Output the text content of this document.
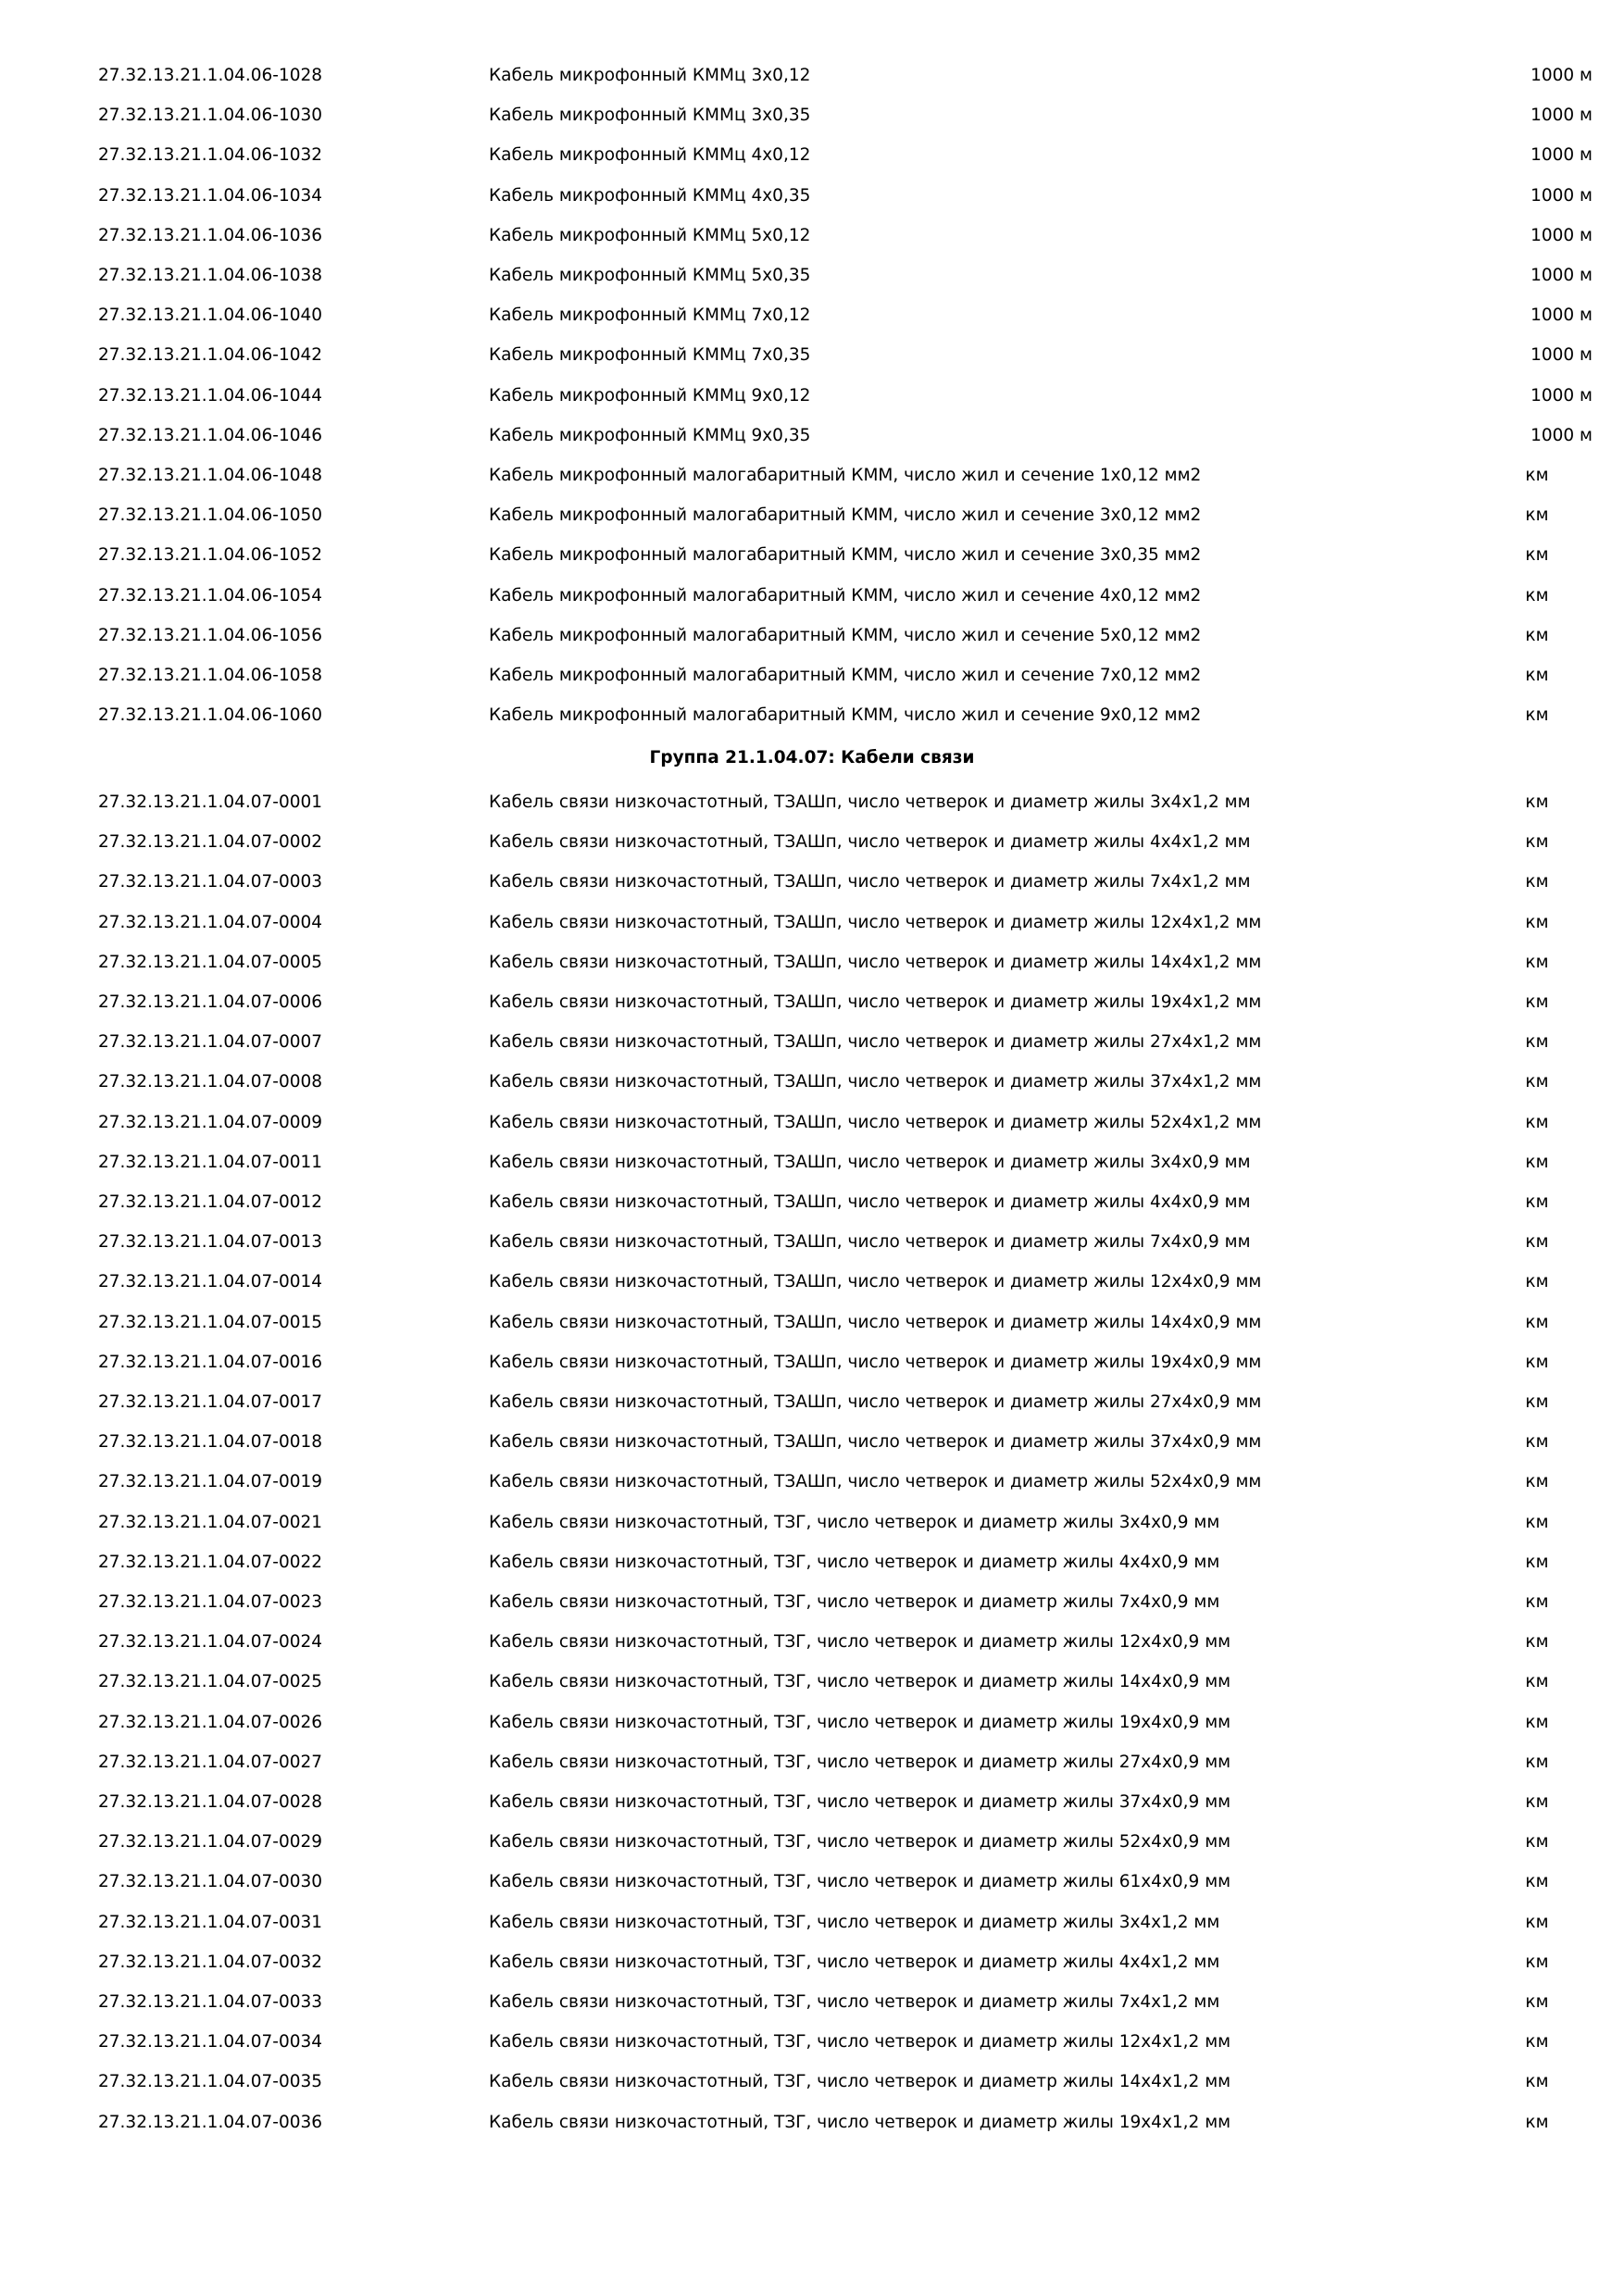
27.32.13.21.1.04.06-1028	Кабель микрофонный КММц 3х0,12	1000 м
27.32.13.21.1.04.06-1030	Кабель микрофонный КММц 3х0,35	1000 м
27.32.13.21.1.04.06-1032	Кабель микрофонный КММц 4х0,12	1000 м
27.32.13.21.1.04.06-1034	Кабель микрофонный КММц 4х0,35	1000 м
27.32.13.21.1.04.06-1036	Кабель микрофонный КММц 5х0,12	1000 м
27.32.13.21.1.04.06-1038	Кабель микрофонный КММц 5х0,35	1000 м
27.32.13.21.1.04.06-1040	Кабель микрофонный КММц 7х0,12	1000 м
27.32.13.21.1.04.06-1042	Кабель микрофонный КММц 7х0,35	1000 м
27.32.13.21.1.04.06-1044	Кабель микрофонный КММц 9х0,12	1000 м
27.32.13.21.1.04.06-1046	Кабель микрофонный КММц 9х0,35	1000 м
27.32.13.21.1.04.06-1048	Кабель микрофонный малогабаритный КММ, число жил и сечение 1х0,12 мм2	км
27.32.13.21.1.04.06-1050	Кабель микрофонный малогабаритный КММ, число жил и сечение 3х0,12 мм2	км
27.32.13.21.1.04.06-1052	Кабель микрофонный малогабаритный КММ, число жил и сечение 3х0,35 мм2	км
27.32.13.21.1.04.06-1054	Кабель микрофонный малогабаритный КММ, число жил и сечение 4х0,12 мм2	км
27.32.13.21.1.04.06-1056	Кабель микрофонный малогабаритный КММ, число жил и сечение 5х0,12 мм2	км
27.32.13.21.1.04.06-1058	Кабель микрофонный малогабаритный КММ, число жил и сечение 7х0,12 мм2	км
27.32.13.21.1.04.06-1060	Кабель микрофонный малогабаритный КММ, число жил и сечение 9х0,12 мм2	км
Группа 21.1.04.07: Кабели связи
27.32.13.21.1.04.07-0001	Кабель связи низкочастотный, ТЗАШп, число четверок и диаметр жилы 3х4х1,2 мм	км
27.32.13.21.1.04.07-0002	Кабель связи низкочастотный, ТЗАШп, число четверок и диаметр жилы 4х4х1,2 мм	км
27.32.13.21.1.04.07-0003	Кабель связи низкочастотный, ТЗАШп, число четверок и диаметр жилы 7х4х1,2 мм	км
27.32.13.21.1.04.07-0004	Кабель связи низкочастотный, ТЗАШп, число четверок и диаметр жилы 12х4х1,2 мм	км
27.32.13.21.1.04.07-0005	Кабель связи низкочастотный, ТЗАШп, число четверок и диаметр жилы 14х4х1,2 мм	км
27.32.13.21.1.04.07-0006	Кабель связи низкочастотный, ТЗАШп, число четверок и диаметр жилы 19х4х1,2 мм	км
27.32.13.21.1.04.07-0007	Кабель связи низкочастотный, ТЗАШп, число четверок и диаметр жилы 27х4х1,2 мм	км
27.32.13.21.1.04.07-0008	Кабель связи низкочастотный, ТЗАШп, число четверок и диаметр жилы 37х4х1,2 мм	км
27.32.13.21.1.04.07-0009	Кабель связи низкочастотный, ТЗАШп, число четверок и диаметр жилы 52х4х1,2 мм	км
27.32.13.21.1.04.07-0011	Кабель связи низкочастотный, ТЗАШп, число четверок и диаметр жилы 3х4х0,9 мм	км
27.32.13.21.1.04.07-0012	Кабель связи низкочастотный, ТЗАШп, число четверок и диаметр жилы 4х4х0,9 мм	км
27.32.13.21.1.04.07-0013	Кабель связи низкочастотный, ТЗАШп, число четверок и диаметр жилы 7х4х0,9 мм	км
27.32.13.21.1.04.07-0014	Кабель связи низкочастотный, ТЗАШп, число четверок и диаметр жилы 12х4х0,9 мм	км
27.32.13.21.1.04.07-0015	Кабель связи низкочастотный, ТЗАШп, число четверок и диаметр жилы 14х4х0,9 мм	км
27.32.13.21.1.04.07-0016	Кабель связи низкочастотный, ТЗАШп, число четверок и диаметр жилы 19х4х0,9 мм	км
27.32.13.21.1.04.07-0017	Кабель связи низкочастотный, ТЗАШп, число четверок и диаметр жилы 27х4х0,9 мм	км
27.32.13.21.1.04.07-0018	Кабель связи низкочастотный, ТЗАШп, число четверок и диаметр жилы 37х4х0,9 мм	км
27.32.13.21.1.04.07-0019	Кабель связи низкочастотный, ТЗАШп, число четверок и диаметр жилы 52х4х0,9 мм	км
27.32.13.21.1.04.07-0021	Кабель связи низкочастотный, ТЗГ, число четверок и диаметр жилы 3х4х0,9 мм	км
27.32.13.21.1.04.07-0022	Кабель связи низкочастотный, ТЗГ, число четверок и диаметр жилы 4х4х0,9 мм	км
27.32.13.21.1.04.07-0023	Кабель связи низкочастотный, ТЗГ, число четверок и диаметр жилы 7х4х0,9 мм	км
27.32.13.21.1.04.07-0024	Кабель связи низкочастотный, ТЗГ, число четверок и диаметр жилы 12х4х0,9 мм	км
27.32.13.21.1.04.07-0025	Кабель связи низкочастотный, ТЗГ, число четверок и диаметр жилы 14х4х0,9 мм	км
27.32.13.21.1.04.07-0026	Кабель связи низкочастотный, ТЗГ, число четверок и диаметр жилы 19х4х0,9 мм	км
27.32.13.21.1.04.07-0027	Кабель связи низкочастотный, ТЗГ, число четверок и диаметр жилы 27х4х0,9 мм	км
27.32.13.21.1.04.07-0028	Кабель связи низкочастотный, ТЗГ, число четверок и диаметр жилы 37х4х0,9 мм	км
27.32.13.21.1.04.07-0029	Кабель связи низкочастотный, ТЗГ, число четверок и диаметр жилы 52х4х0,9 мм	км
27.32.13.21.1.04.07-0030	Кабель связи низкочастотный, ТЗГ, число четверок и диаметр жилы 61х4х0,9 мм	км
27.32.13.21.1.04.07-0031	Кабель связи низкочастотный, ТЗГ, число четверок и диаметр жилы 3х4х1,2 мм	км
27.32.13.21.1.04.07-0032	Кабель связи низкочастотный, ТЗГ, число четверок и диаметр жилы 4х4х1,2 мм	км
27.32.13.21.1.04.07-0033	Кабель связи низкочастотный, ТЗГ, число четверок и диаметр жилы 7х4х1,2 мм	км
27.32.13.21.1.04.07-0034	Кабель связи низкочастотный, ТЗГ, число четверок и диаметр жилы 12х4х1,2 мм	км
27.32.13.21.1.04.07-0035	Кабель связи низкочастотный, ТЗГ, число четверок и диаметр жилы 14х4х1,2 мм	км
27.32.13.21.1.04.07-0036	Кабель связи низкочастотный, ТЗГ, число четверок и диаметр жилы 19х4х1,2 мм	км
